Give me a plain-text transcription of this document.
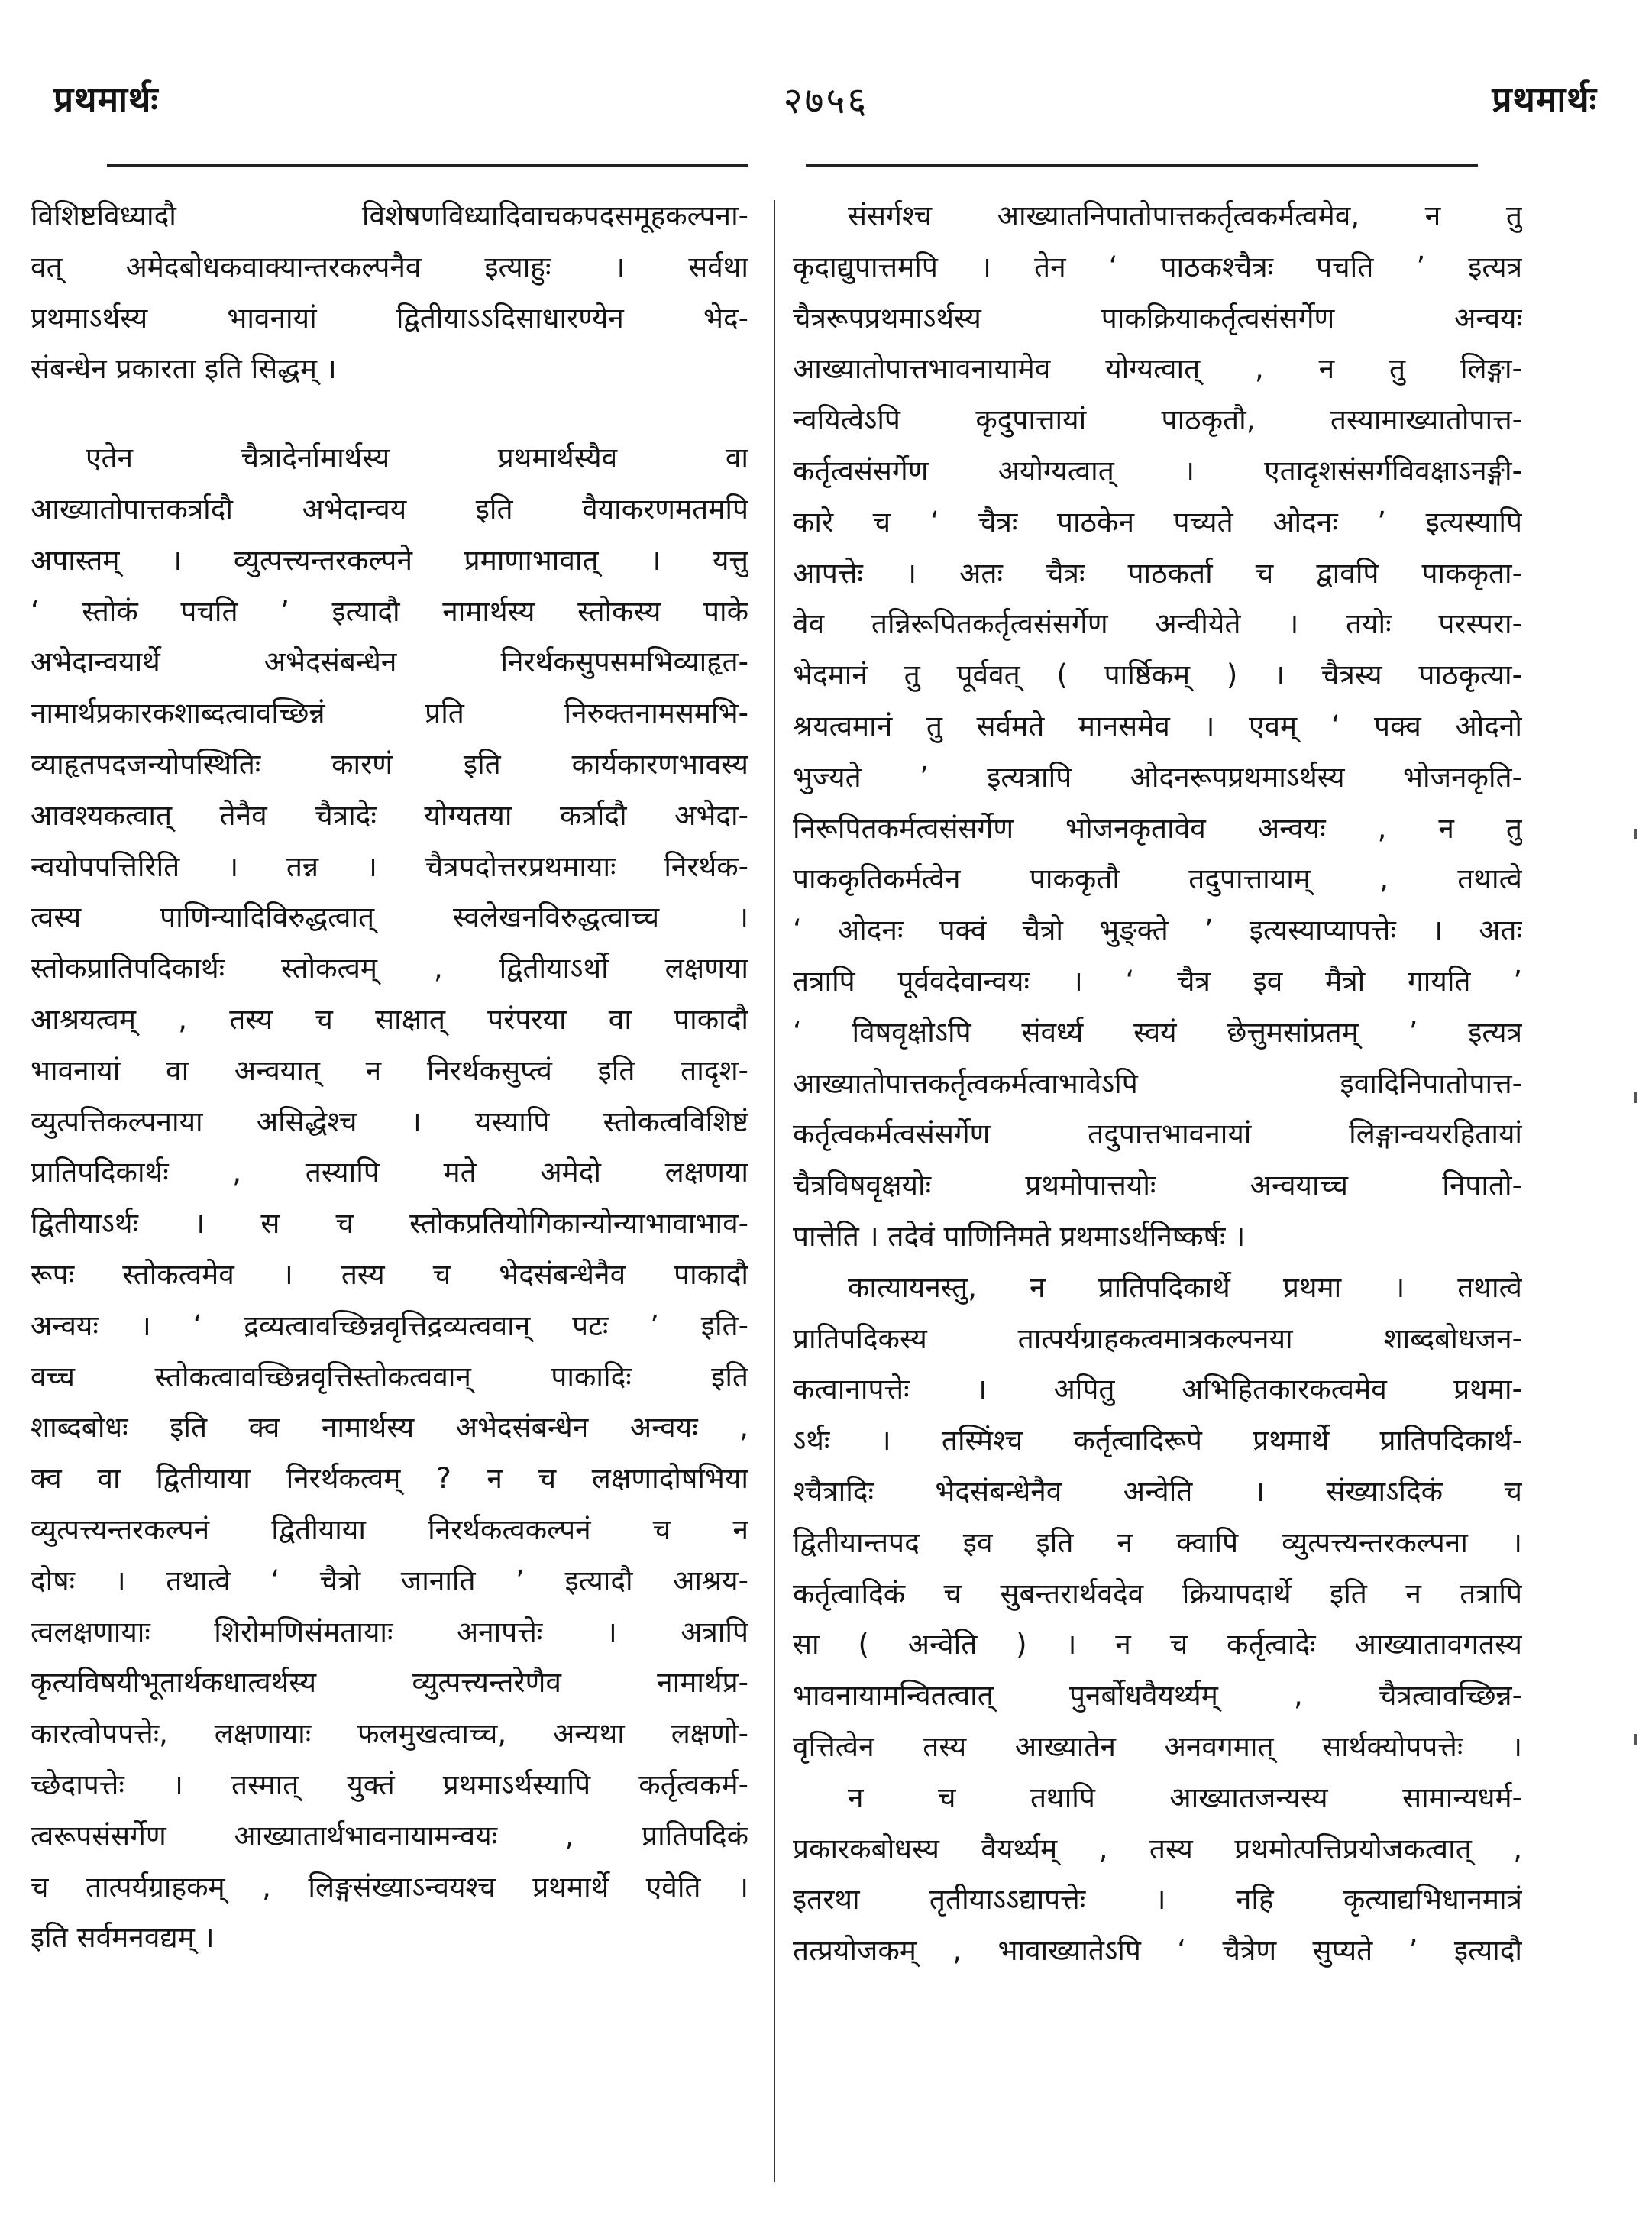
प्रथमार्थः	२७५६	प्रथमार्थः
विशिष्टविध्यादौ विशेषणविध्यादिवाचकपदसमूहकल्पना-
वत् अमेदबोधकवाक्यान्तरकल्पनैव इत्याहुः । सर्वथा
प्रथमाऽर्थस्य भावनायां द्वितीयाऽऽदिसाधारण्येन भेद-
संबन्धेन प्रकारता इति सिद्धम् ।
एतेन चैत्रादेर्नामार्थस्य प्रथमार्थस्यैव वा
आख्यातोपात्तकर्त्रादौ अभेदान्वय इति वैयाकरणमतमपि
अपास्तम् । व्युत्पत्त्यन्तरकल्पने प्रमाणाभावात् । यत्तु
‘ स्तोकं पचति ’ इत्यादौ नामार्थस्य स्तोकस्य पाके
अभेदान्वयार्थे अभेदसंबन्धेन निरर्थकसुपसमभिव्याहृत-
नामार्थप्रकारकशाब्दत्वावच्छिन्नं प्रति निरुक्तनामसमभि-
व्याहृतपदजन्योपस्थितिः कारणं इति कार्यकारणभावस्य
आवश्यकत्वात् तेनैव चैत्रादेः योग्यतया कर्त्रादौ अभेदा-
न्वयोपपत्तिरिति । तन्न । चैत्रपदोत्तरप्रथमायाः निरर्थक-
त्वस्य पाणिन्यादिविरुद्धत्वात् स्वलेखनविरुद्धत्वाच्च ।
स्तोकप्रातिपदिकार्थः स्तोकत्वम् , द्वितीयाऽर्थो लक्षणया
आश्रयत्वम् , तस्य च साक्षात् परंपरया वा पाकादौ
भावनायां वा अन्वयात् न निरर्थकसुप्त्वं इति तादृश-
व्युत्पत्तिकल्पनाया असिद्धेश्च । यस्यापि स्तोकत्वविशिष्टं
प्रातिपदिकार्थः , तस्यापि मते अमेदो लक्षणया
द्वितीयाऽर्थः । स च स्तोकप्रतियोगिकान्योन्याभावाभाव-
रूपः स्तोकत्वमेव । तस्य च भेदसंबन्धेनैव पाकादौ
अन्वयः । ‘ द्रव्यत्वावच्छिन्नवृत्तिद्रव्यत्ववान् पटः ’ इति-
वच्च स्तोकत्वावच्छिन्नवृत्तिस्तोकत्ववान् पाकादिः इति
शाब्दबोधः इति क्व नामार्थस्य अभेदसंबन्धेन अन्वयः ,
क्व वा द्वितीयाया निरर्थकत्वम् ? न च लक्षणादोषभिया
व्युत्पत्त्यन्तरकल्पनं द्वितीयाया निरर्थकत्वकल्पनं च न
दोषः । तथात्वे ‘ चैत्रो जानाति ’ इत्यादौ आश्रय-
त्वलक्षणायाः शिरोमणिसंमतायाः अनापत्तेः । अत्रापि
कृत्यविषयीभूतार्थकधात्वर्थस्य व्युत्पत्त्यन्तरेणैव नामार्थप्र-
कारत्वोपपत्तेः, लक्षणायाः फलमुखत्वाच्च, अन्यथा लक्षणो-
च्छेदापत्तेः । तस्मात् युक्तं प्रथमाऽर्थस्यापि कर्तृत्वकर्म-
त्वरूपसंसर्गेण आख्यातार्थभावनायामन्वयः , प्रातिपदिकं
च तात्पर्यग्राहकम् , लिङ्गसंख्याऽन्वयश्च प्रथमार्थे एवेति ।
इति सर्वमनवद्यम् ।
संसर्गश्च आख्यातनिपातोपात्तकर्तृत्वकर्मत्वमेव, न तु
कृदाद्युपात्तमपि । तेन ‘ पाठकश्चैत्रः पचति ’ इत्यत्र
चैत्ररूपप्रथमाऽर्थस्य पाकक्रियाकर्तृत्वसंसर्गेण अन्वयः
आख्यातोपात्तभावनायामेव योग्यत्वात् , न तु लिङ्गा-
न्वयित्वेऽपि कृदुपात्तायां पाठकृतौ, तस्यामाख्यातोपात्त-
कर्तृत्वसंसर्गेण अयोग्यत्वात् । एतादृशसंसर्गविवक्षाऽनङ्गी-
कारे च ‘ चैत्रः पाठकेन पच्यते ओदनः ’ इत्यस्यापि
आपत्तेः । अतः चैत्रः पाठकर्ता च द्वावपि पाककृता-
वेव तन्निरूपितकर्तृत्वसंसर्गेण अन्वीयेते । तयोः परस्परा-
भेदमानं तु पूर्ववत् ( पार्ष्ठिकम् ) । चैत्रस्य पाठकृत्या-
श्रयत्वमानं तु सर्वमते मानसमेव । एवम् ‘ पक्व ओदनो
भुज्यते ’ इत्यत्रापि ओदनरूपप्रथमाऽर्थस्य भोजनकृति-
निरूपितकर्मत्वसंसर्गेण भोजनकृतावेव अन्वयः , न तु
पाककृतिकर्मत्वेन पाककृतौ तदुपात्तायाम् , तथात्वे
‘ ओदनः पक्वं चैत्रो भुङ्क्ते ’ इत्यस्याप्यापत्तेः । अतः
तत्रापि पूर्ववदेवान्वयः । ‘ चैत्र इव मैत्रो गायति ’
‘ विषवृक्षोऽपि संवर्ध्य स्वयं छेत्तुमसांप्रतम् ’ इत्यत्र
आख्यातोपात्तकर्तृत्वकर्मत्वाभावेऽपि इवादिनिपातोपात्त-
कर्तृत्वकर्मत्वसंसर्गेण तदुपात्तभावनायां लिङ्गान्वयरहितायां
चैत्रविषवृक्षयोः प्रथमोपात्तयोः अन्वयाच्च निपातो-
पात्तेति । तदेवं पाणिनिमते प्रथमाऽर्थनिष्कर्षः ।
कात्यायनस्तु, न प्रातिपदिकार्थे प्रथमा । तथात्वे
प्रातिपदिकस्य तात्पर्यग्राहकत्वमात्रकल्पनया शाब्दबोधजन-
कत्वानापत्तेः । अपितु अभिहितकारकत्वमेव प्रथमा-
ऽर्थः । तस्मिंश्च कर्तृत्वादिरूपे प्रथमार्थे प्रातिपदिकार्थ-
श्चैत्रादिः भेदसंबन्धेनैव अन्वेति । संख्याऽदिकं च
द्वितीयान्तपद इव इति न क्वापि व्युत्पत्त्यन्तरकल्पना ।
कर्तृत्वादिकं च सुबन्तरार्थवदेव क्रियापदार्थे इति न तत्रापि
सा ( अन्वेति ) । न च कर्तृत्वादेः आख्यातावगतस्य
भावनायामन्वितत्वात् पुनर्बोधवैयर्थ्यम् , चैत्रत्वावच्छिन्न-
वृत्तित्वेन तस्य आख्यातेन अनवगमात् सार्थक्योपपत्तेः ।
न च तथापि आख्यातजन्यस्य सामान्यधर्म-
प्रकारकबोधस्य वैयर्थ्यम् , तस्य प्रथमोत्पत्तिप्रयोजकत्वात् ,
इतरथा तृतीयाऽऽद्यापत्तेः । नहि कृत्याद्यभिधानमात्रं
तत्प्रयोजकम् , भावाख्यातेऽपि ‘ चैत्रेण सुप्यते ’ इत्यादौ
